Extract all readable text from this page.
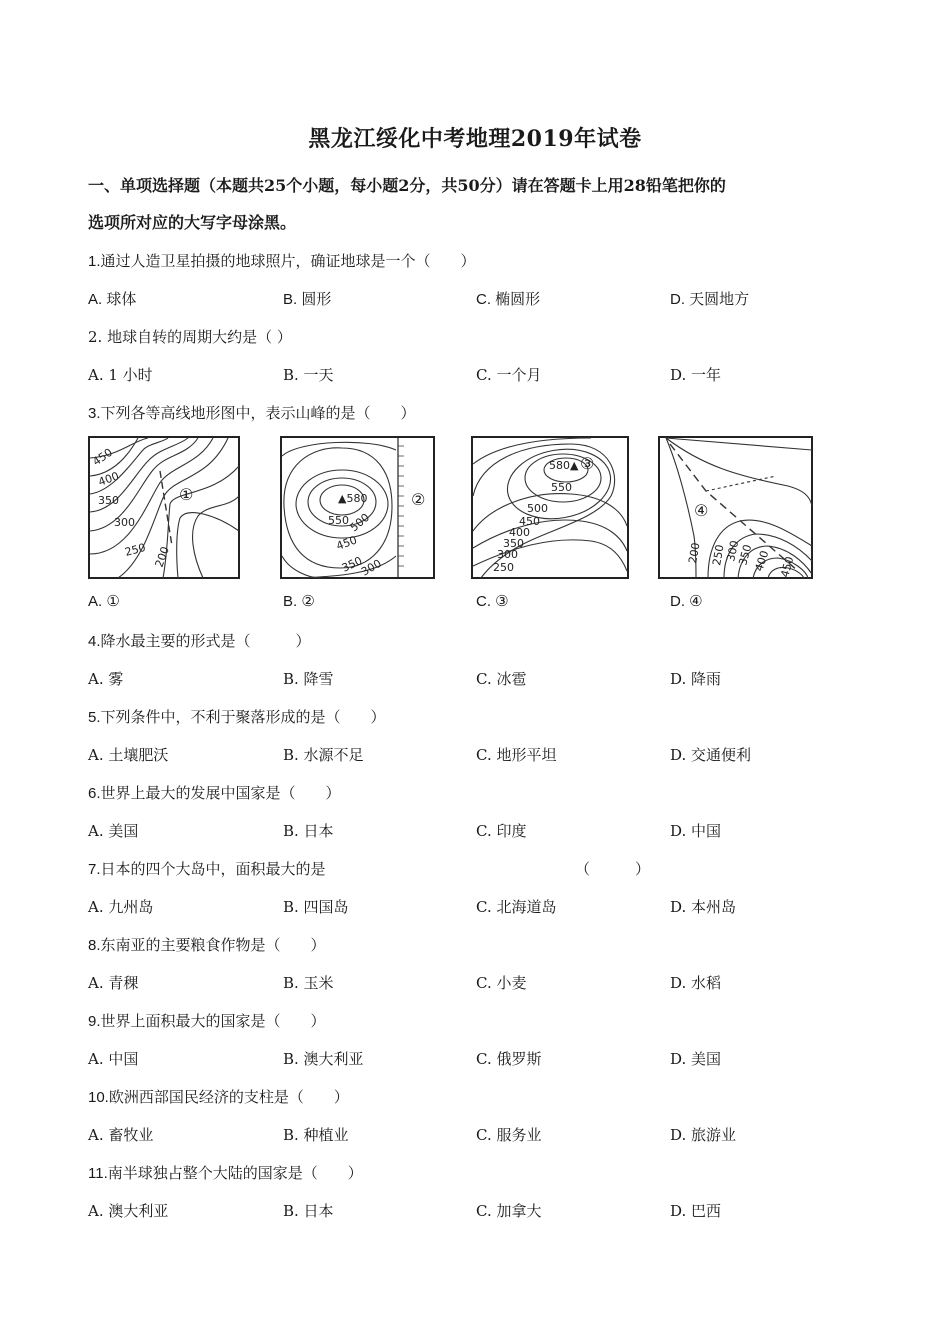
黑龙江绥化中考地理2019年试卷
一、单项选择题（本题共25个小题，每小题2分，共50分）请在答题卡上用28铅笔把你的
选项所对应的大写字母涂黑。
1.通过人造卫星拍摄的地球照片，确证地球是一个（　　）
A. 球体	B. 圆形	C. 椭圆形	D. 天圆地方
2. 地球自转的周期大约是（ ）
A. 1 小时	B. 一天	C. 一个月	D. 一年
3.下列各等高线地形图中，表示山峰的是（　　）
450
400
350
300
250 200
①	▲580
550
500
450
350
300
②
580▲ ③
550
500
450
400
350
300
250
④
200 250
300
350
400 450
A. ①	B. ②	C. ③	D. ④
4.降水最主要的形式是（　　　）
A. 雾	B. 降雪	C. 冰雹	D. 降雨
5.下列条件中，不利于聚落形成的是（　　）
A. 土壤肥沃	B. 水源不足	C. 地形平坦	D. 交通便利
6.世界上最大的发展中国家是（　　）
A. 美国	B. 日本	C. 印度	D. 中国
7.日本的四个大岛中，面积最大的是	（　　　）
A. 九州岛	B. 四国岛	C. 北海道岛	D. 本州岛
8.东南亚的主要粮食作物是（　　）
A. 青稞	B. 玉米	C. 小麦	D. 水稻
9.世界上面积最大的国家是（　　）
A. 中国	B. 澳大利亚	C. 俄罗斯	D. 美国
10.欧洲西部国民经济的支柱是（　　）
A. 畜牧业	B. 种植业	C. 服务业	D. 旅游业
11.南半球独占整个大陆的国家是（　　）
A. 澳大利亚	B. 日本	C. 加拿大	D. 巴西
